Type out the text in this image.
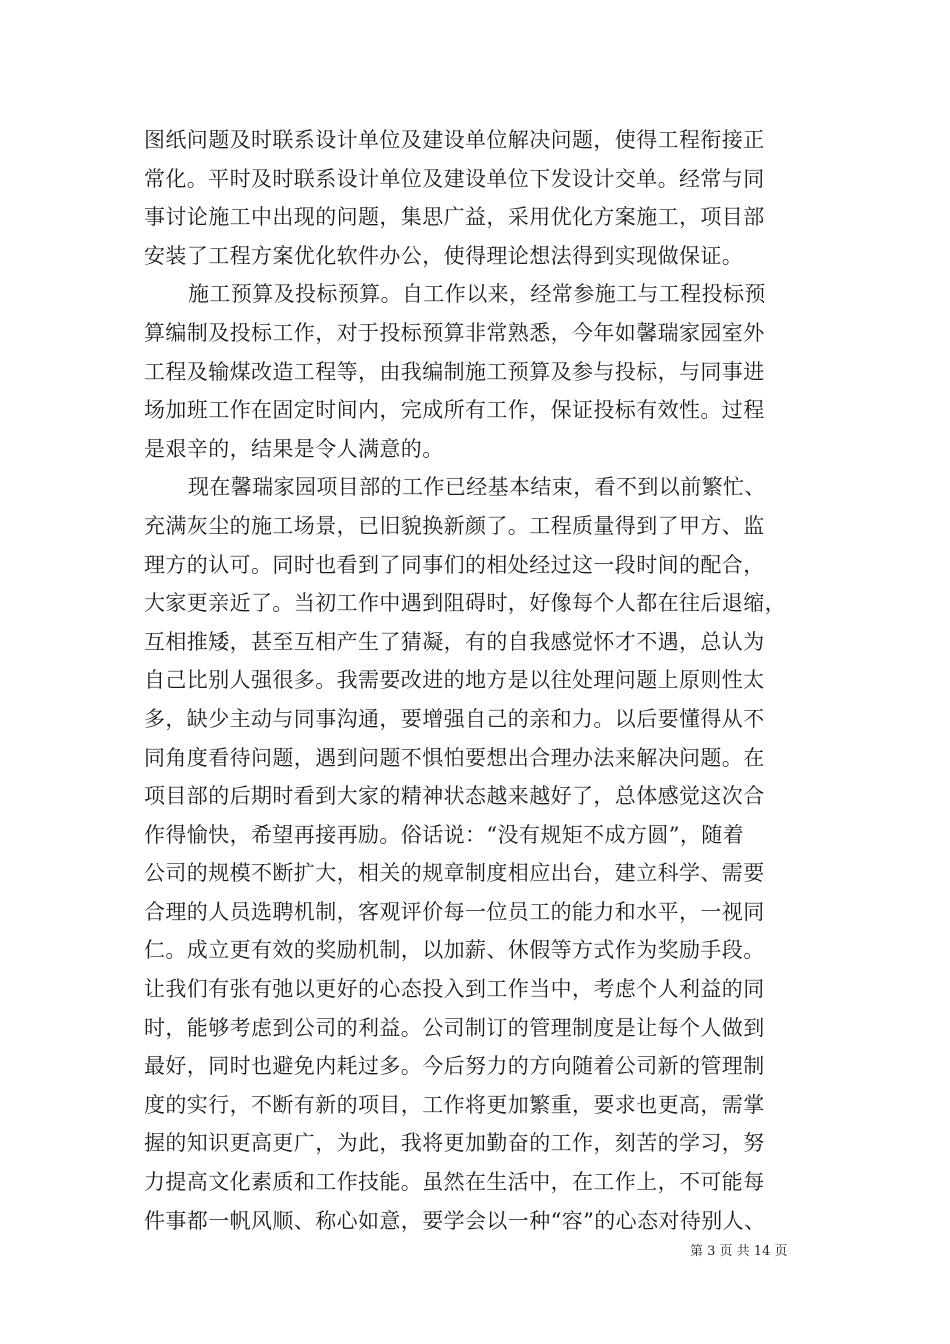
图纸问题及时联系设计单位及建设单位解决问题，使得工程衔接正
常化。平时及时联系设计单位及建设单位下发设计交单。经常与同
事讨论施工中出现的问题，集思广益，采用优化方案施工，项目部
安装了工程方案优化软件办公，使得理论想法得到实现做保证。
施工预算及投标预算。自工作以来，经常参施工与工程投标预
算编制及投标工作，对于投标预算非常熟悉，今年如馨瑞家园室外
工程及输煤改造工程等，由我编制施工预算及参与投标，与同事进
场加班工作在固定时间内，完成所有工作，保证投标有效性。过程
是艰辛的，结果是令人满意的。
现在馨瑞家园项目部的工作已经基本结束，看不到以前繁忙、
充满灰尘的施工场景，已旧貌换新颜了。工程质量得到了甲方、监
理方的认可。同时也看到了同事们的相处经过这一段时间的配合，
大家更亲近了。当初工作中遇到阻碍时，好像每个人都在往后退缩，
互相推矮，甚至互相产生了猜凝，有的自我感觉怀才不遇，总认为
自己比别人强很多。我需要改进的地方是以往处理问题上原则性太
多，缺少主动与同事沟通，要增强自己的亲和力。以后要懂得从不
同角度看待问题，遇到问题不惧怕要想出合理办法来解决问题。在
项目部的后期时看到大家的精神状态越来越好了，总体感觉这次合
作得愉快，希望再接再励。俗话说：“没有规矩不成方圆”，随着
公司的规模不断扩大，相关的规章制度相应出台，建立科学、需要
合理的人员选聘机制，客观评价每一位员工的能力和水平，一视同
仁。成立更有效的奖励机制，以加薪、休假等方式作为奖励手段。
让我们有张有弛以更好的心态投入到工作当中，考虑个人利益的同
时，能够考虑到公司的利益。公司制订的管理制度是让每个人做到
最好，同时也避免内耗过多。今后努力的方向随着公司新的管理制
度的实行，不断有新的项目，工作将更加繁重，要求也更高，需掌
握的知识更高更广，为此，我将更加勤奋的工作，刻苦的学习，努
力提高文化素质和工作技能。虽然在生活中，在工作上，不可能每
件事都一帆风顺、称心如意，要学会以一种“容”的心态对待别人、
第 3 页 共 14 页
